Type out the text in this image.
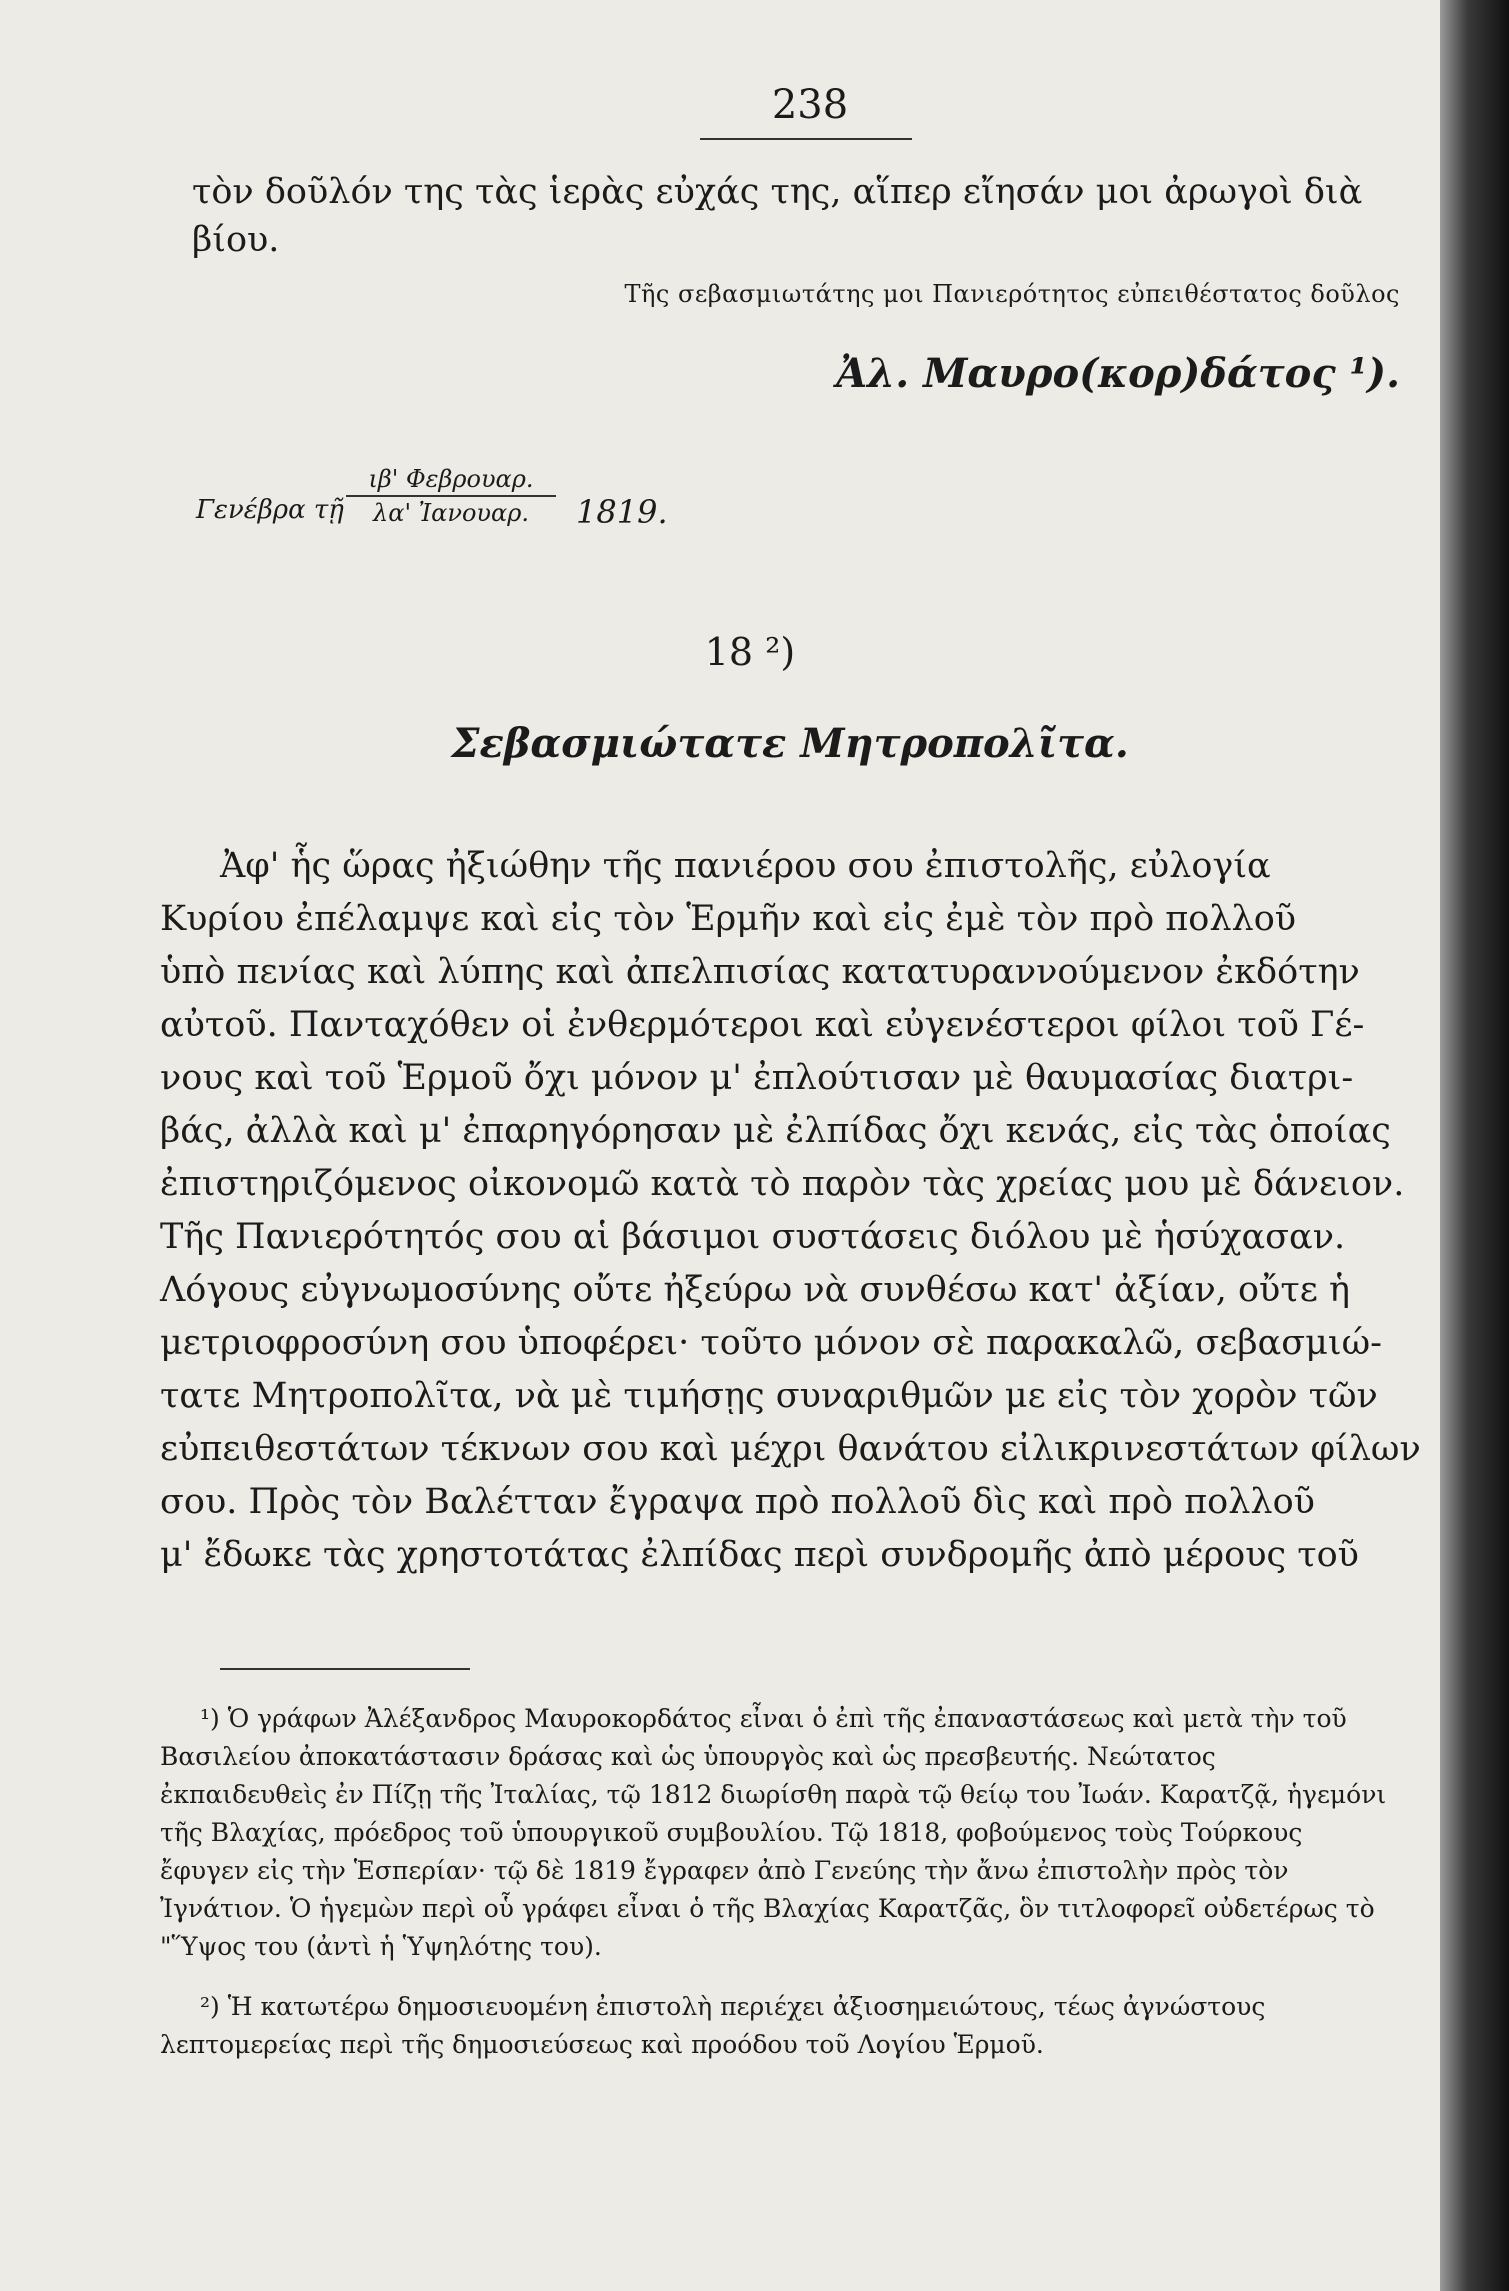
238
τὸν δοῦλόν της τὰς ἱερὰς εὐχάς της, αἵπερ εἴησάν μοι ἀρωγοὶ διὰ
βίου.
Τῆς σεβασμιωτάτης μοι Πανιερότητος εὐπειθέστατος δοῦλος
Ἀλ. Μαυρο(κορ)δάτος ¹).
Γενέβρα τῇ
ιβ' Φεβρουαρ.
λα' Ἰανουαρ.	1819.
18 ²)
Σεβασμιώτατε Μητροπολῖτα.
Ἀφ' ἧς ὥρας ἠξιώθην τῆς πανιέρου σου ἐπιστολῆς, εὐλογία
Κυρίου ἐπέλαμψε καὶ εἰς τὸν Ἑρμῆν καὶ εἰς ἐμὲ τὸν πρὸ πολλοῦ
ὑπὸ πενίας καὶ λύπης καὶ ἀπελπισίας κατατυραννούμενον ἐκδότην
αὐτοῦ. Πανταχόθεν οἱ ἐνθερμότεροι καὶ εὐγενέστεροι φίλοι τοῦ Γέ-
νους καὶ τοῦ Ἑρμοῦ ὄχι μόνον μ' ἐπλούτισαν μὲ θαυμασίας διατρι-
βάς, ἀλλὰ καὶ μ' ἐπαρηγόρησαν μὲ ἐλπίδας ὄχι κενάς, εἰς τὰς ὁποίας
ἐπιστηριζόμενος οἰκονομῶ κατὰ τὸ παρὸν τὰς χρείας μου μὲ δάνειον.
Τῆς Πανιερότητός σου αἱ βάσιμοι συστάσεις διόλου μὲ ἡσύχασαν.
Λόγους εὐγνωμοσύνης οὔτε ἠξεύρω νὰ συνθέσω κατ' ἀξίαν, οὔτε ἡ
μετριοφροσύνη σου ὑποφέρει· τοῦτο μόνον σὲ παρακαλῶ, σεβασμιώ-
τατε Μητροπολῖτα, νὰ μὲ τιμήσῃς συναριθμῶν με εἰς τὸν χορὸν τῶν
εὐπειθεστάτων τέκνων σου καὶ μέχρι θανάτου εἰλικρινεστάτων φίλων
σου. Πρὸς τὸν Βαλέτταν ἔγραψα πρὸ πολλοῦ δὶς καὶ πρὸ πολλοῦ
μ' ἔδωκε τὰς χρηστοτάτας ἐλπίδας περὶ συνδρομῆς ἀπὸ μέρους τοῦ

¹) Ὁ γράφων Ἀλέξανδρος Μαυροκορδάτος εἶναι ὁ ἐπὶ τῆς ἐπαναστάσεως καὶ μετὰ τὴν τοῦ Βασιλείου ἀποκατάστασιν δράσας καὶ ὡς ὑπουργὸς καὶ ὡς πρεσβευτής. Νεώτατος ἐκπαιδευθεὶς ἐν Πίζῃ τῆς Ἰταλίας, τῷ 1812 διωρίσθη παρὰ τῷ θείῳ του Ἰωάν. Καρατζᾷ, ἡγεμόνι τῆς Βλαχίας, πρόεδρος τοῦ ὑπουργικοῦ συμβουλίου. Τῷ 1818, φοβούμενος τοὺς Τούρκους ἔφυγεν εἰς τὴν Ἑσπερίαν· τῷ δὲ 1819 ἔγραφεν ἀπὸ Γενεύης τὴν ἄνω ἐπιστολὴν πρὸς τὸν Ἰγνάτιον. Ὁ ἡγεμὼν περὶ οὗ γράφει εἶναι ὁ τῆς Βλαχίας Καρατζᾶς, ὃν τιτλοφορεῖ οὐδετέρως τὸ "Ὕψος του (ἀντὶ ἡ Ὑψηλότης του).

²) Ἡ κατωτέρω δημοσιευομένη ἐπιστολὴ περιέχει ἀξιοσημειώτους, τέως ἀγνώστους λεπτομερείας περὶ τῆς δημοσιεύσεως καὶ προόδου τοῦ Λογίου Ἑρμοῦ.
